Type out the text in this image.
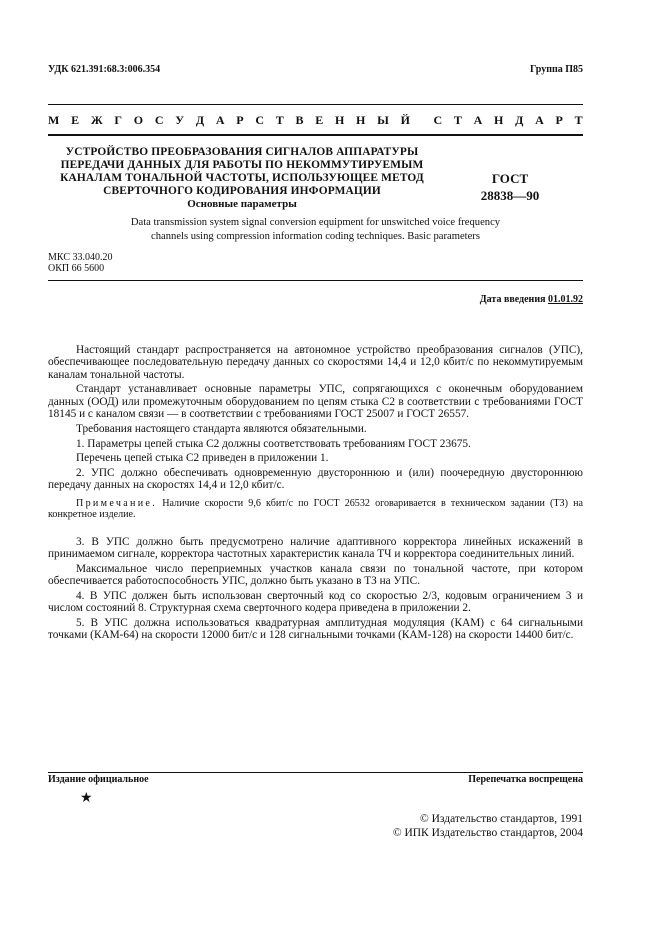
УДК 621.391:68.3:006.354	Группа П85
М Е Ж Г О С У Д А Р С Т В Е Н Н Ы Й С Т А Н Д А Р Т
УСТРОЙСТВО ПРЕОБРАЗОВАНИЯ СИГНАЛОВ АППАРАТУРЫ
ПЕРЕДАЧИ ДАННЫХ ДЛЯ РАБОТЫ ПО НЕКОММУТИРУЕМЫМ
КАНАЛАМ ТОНАЛЬНОЙ ЧАСТОТЫ, ИСПОЛЬЗУЮЩЕЕ МЕТОД
СВЕРТОЧНОГО КОДИРОВАНИЯ ИНФОРМАЦИИ
Основные параметры
ГОСТ
28838—90
Data transmission system signal conversion equipment for unswitched voice frequency
channels using compression information coding techniques. Basic parameters
МКС 33.040.20
ОКП 66 5600
Дата введения 01.01.92

Настоящий стандарт распространяется на автономное устройство преобразования сигналов (УПС), обеспечивающее последовательную передачу данных со скоростями 14,4 и 12,0 кбит/с по некоммутируемым каналам тональной частоты.

Стандарт устанавливает основные параметры УПС, сопрягающихся с оконечным оборудованием данных (ООД) или промежуточным оборудованием по цепям стыка С2 в соответствии с требованиями ГОСТ 18145 и с каналом связи — в соответствии с требованиями ГОСТ 25007 и ГОСТ 26557.

Требования настоящего стандарта являются обязательными.

1. Параметры цепей стыка С2 должны соответствовать требованиям ГОСТ 23675.

Перечень цепей стыка С2 приведен в приложении 1.

2. УПС должно обеспечивать одновременную двустороннюю и (или) поочередную двустороннюю передачу данных на скоростях 14,4 и 12,0 кбит/с.

Примечание. Наличие скорости 9,6 кбит/с по ГОСТ 26532 оговаривается в техническом задании (ТЗ) на конкретное изделие.

3. В УПС должно быть предусмотрено наличие адаптивного корректора линейных искажений в принимаемом сигнале, корректора частотных характеристик канала ТЧ и корректора соединительных линий.

Максимальное число переприемных участков канала связи по тональной частоте, при котором обеспечивается работоспособность УПС, должно быть указано в ТЗ на УПС.

4. В УПС должен быть использован сверточный код со скоростью 2/3, кодовым ограничением 3 и числом состояний 8. Структурная схема сверточного кодера приведена в приложении 2.

5. В УПС должна использоваться квадратурная амплитудная модуляция (КАМ) с 64 сигнальными точками (КАМ-64) на скорости 12000 бит/с и 128 сигнальными точками (КАМ-128) на скорости 14400 бит/с.

Издание официальное	Перепечатка воспрещена
★
© Издательство стандартов, 1991
© ИПК Издательство стандартов, 2004
